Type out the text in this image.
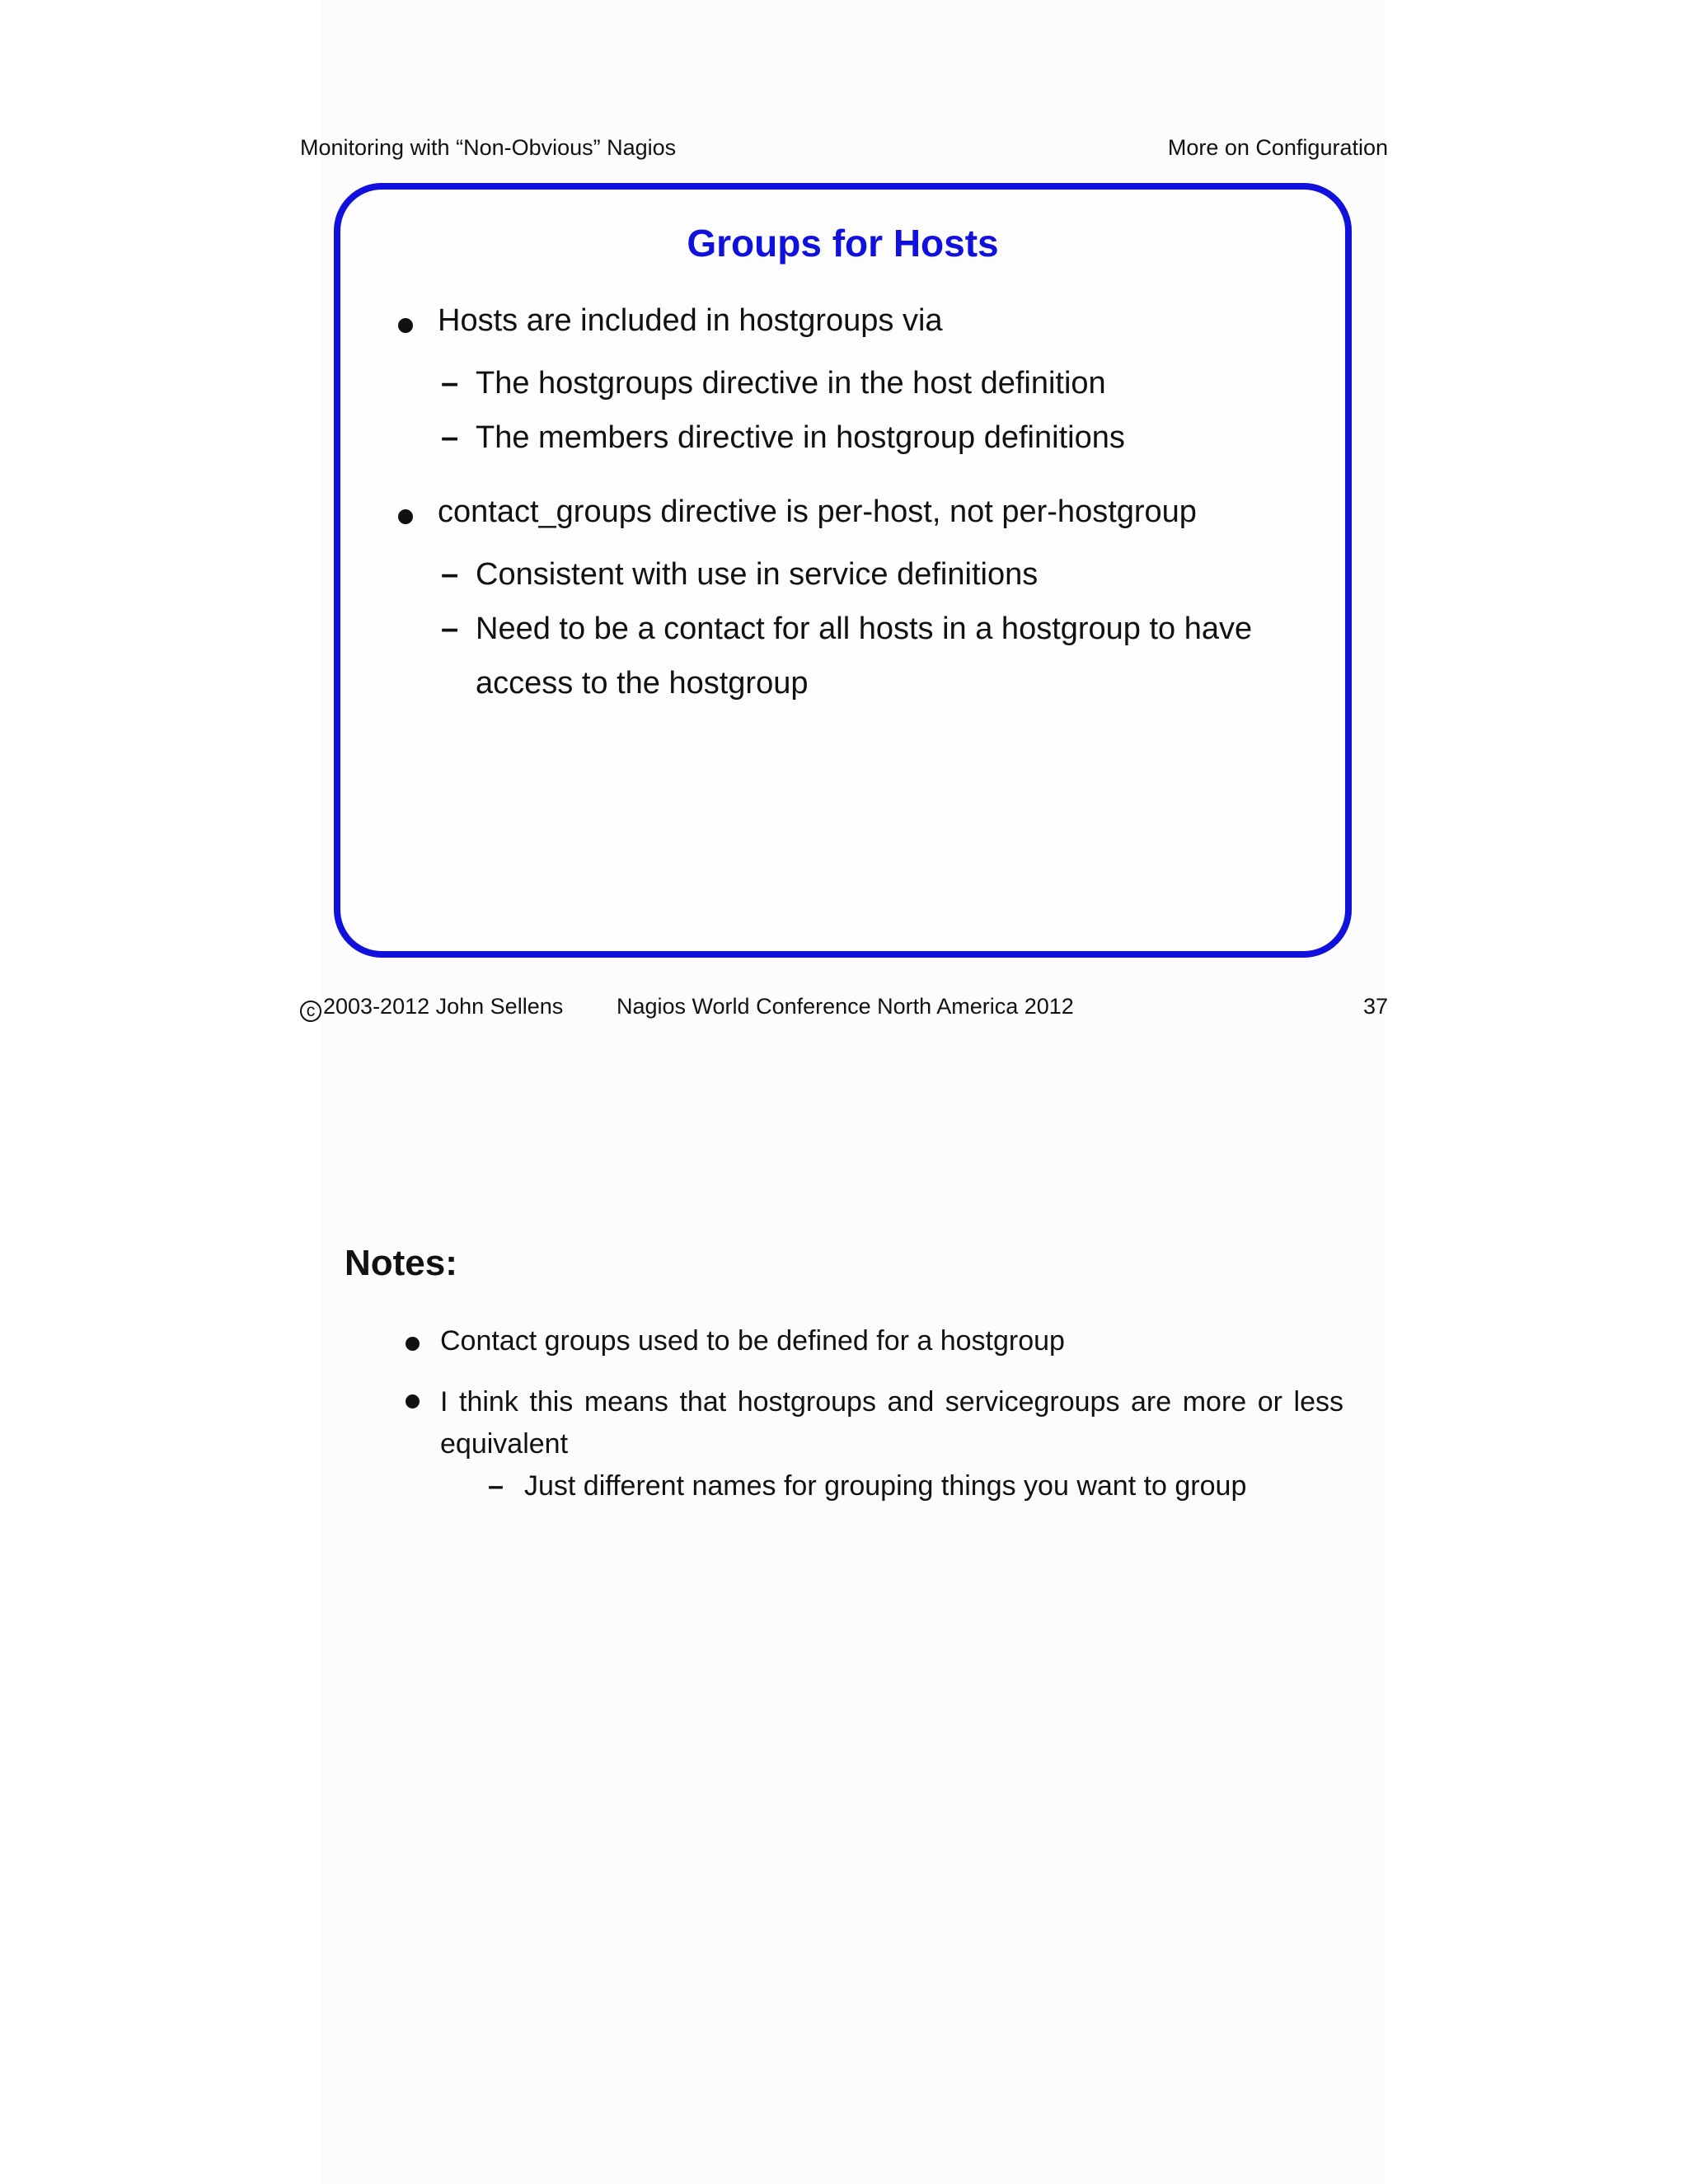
Monitoring with “Non-Obvious” Nagios	More on Configuration
Groups for Hosts
Hosts are included in hostgroups via
– The hostgroups directive in the host definition
– The members directive in hostgroup definitions
contact_groups directive is per-host, not per-hostgroup
– Consistent with use in service definitions
– Need to be a contact for all hosts in a hostgroup to have
access to the hostgroup
c 2003-2012 John Sellens Nagios World Conference North America 2012	37
Notes:
Contact groups used to be defined for a hostgroup
I think this means that hostgroups and servicegroups are more or less equivalent
– Just different names for grouping things you want to group
